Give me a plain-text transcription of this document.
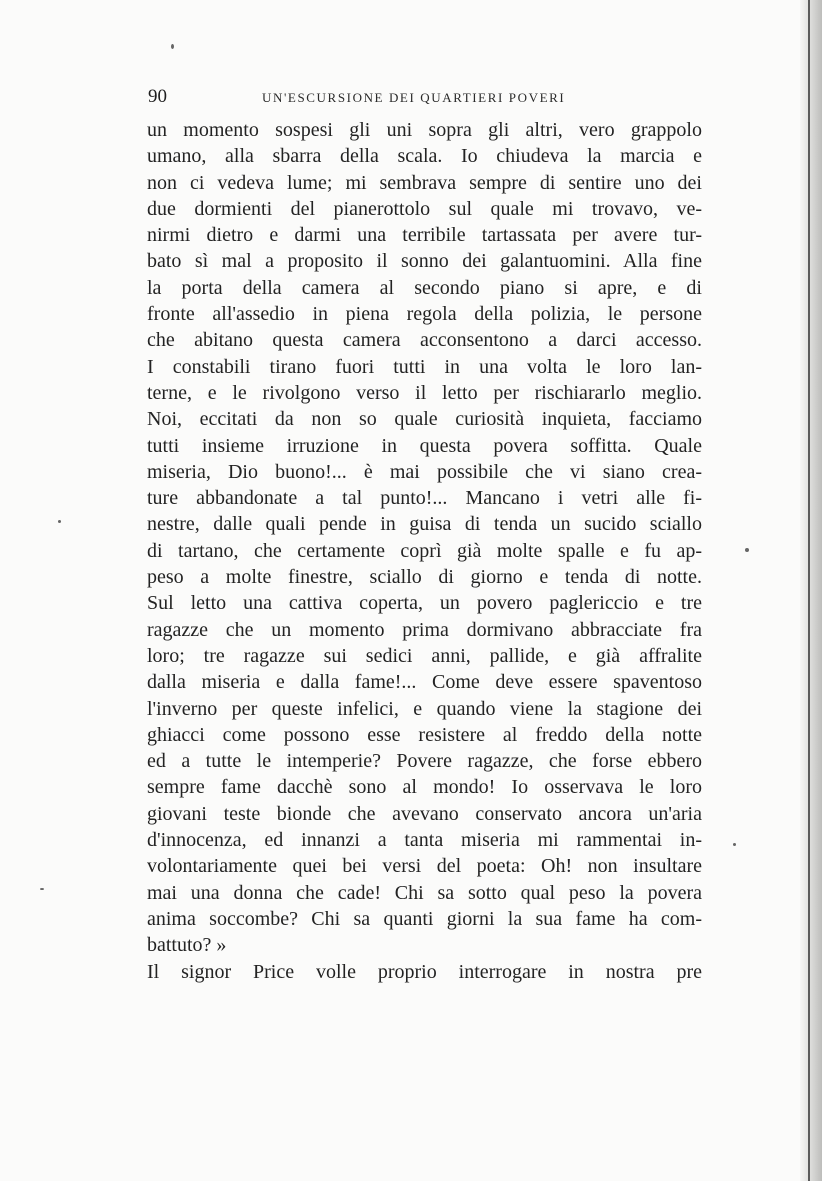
90	UN'ESCURSIONE DEI QUARTIERI POVERI
un momento sospesi gli uni sopra gli altri, vero grappolo
umano, alla sbarra della scala. Io chiudeva la marcia e
non ci vedeva lume; mi sembrava sempre di sentire uno dei
due dormienti del pianerottolo sul quale mi trovavo, ve-
nirmi dietro e darmi una terribile tartassata per avere tur-
bato sì mal a proposito il sonno dei galantuomini. Alla fine
la porta della camera al secondo piano si apre, e di
fronte all'assedio in piena regola della polizia, le persone
che abitano questa camera acconsentono a darci accesso.
I constabili tirano fuori tutti in una volta le loro lan-
terne, e le rivolgono verso il letto per rischiararlo meglio.
Noi, eccitati da non so quale curiosità inquieta, facciamo
tutti insieme irruzione in questa povera soffitta. Quale
miseria, Dio buono!... è mai possibile che vi siano crea-
ture abbandonate a tal punto!... Mancano i vetri alle fi-
nestre, dalle quali pende in guisa di tenda un sucido sciallo
di tartano, che certamente coprì già molte spalle e fu ap-
peso a molte finestre, sciallo di giorno e tenda di notte.
Sul letto una cattiva coperta, un povero paglericcio e tre
ragazze che un momento prima dormivano abbracciate fra
loro; tre ragazze sui sedici anni, pallide, e già affralite
dalla miseria e dalla fame!... Come deve essere spaventoso
l'inverno per queste infelici, e quando viene la stagione dei
ghiacci come possono esse resistere al freddo della notte
ed a tutte le intemperie? Povere ragazze, che forse ebbero
sempre fame dacchè sono al mondo! Io osservava le loro
giovani teste bionde che avevano conservato ancora un'aria
d'innocenza, ed innanzi a tanta miseria mi rammentai in-
volontariamente quei bei versi del poeta: Oh! non insultare
mai una donna che cade! Chi sa sotto qual peso la povera
anima soccombe? Chi sa quanti giorni la sua fame ha com-
battuto? »
Il signor Price volle proprio interrogare in nostra pre
